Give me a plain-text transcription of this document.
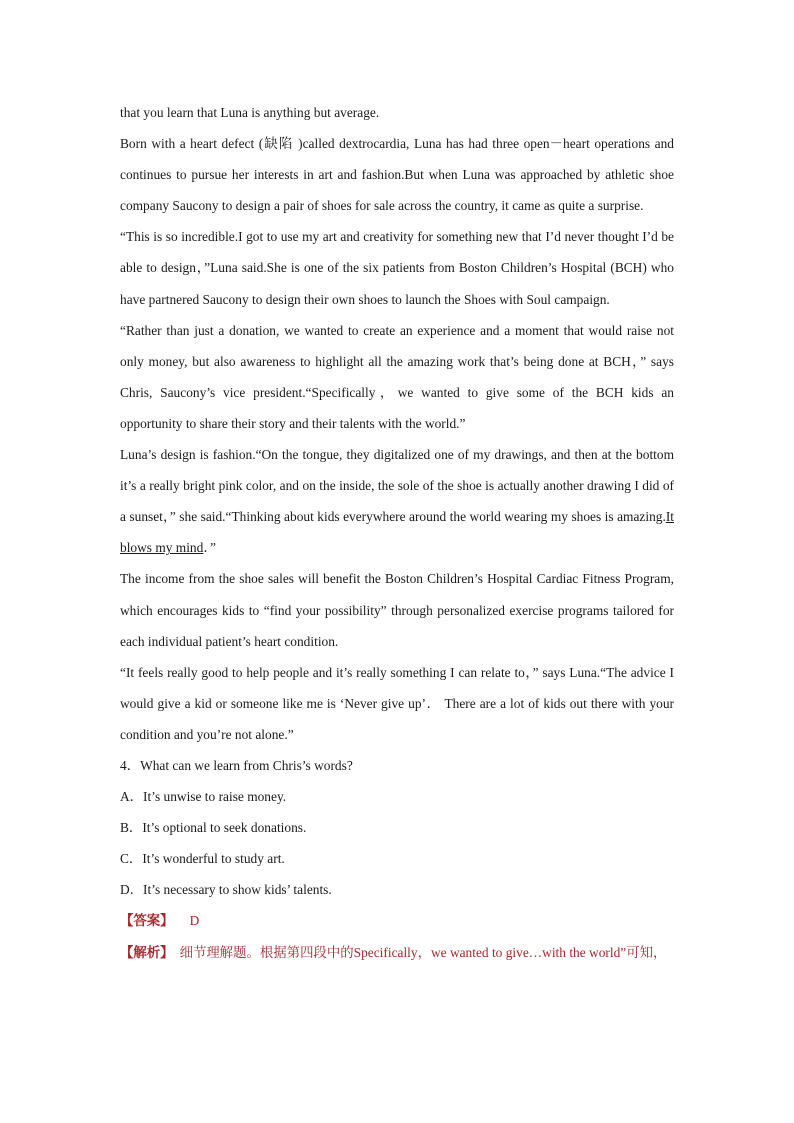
that you learn that Luna is anything but average.

Born with a heart defect (缺陷 )called dextrocardia, Luna has had three open－heart operations and continues to pursue her interests in art and fashion.But when Luna was approached by athletic shoe company Saucony to design a pair of shoes for sale across the country, it came as quite a surprise.

“This is so incredible.I got to use my art and creativity for something new that I’d never thought I’d be able to design，”Luna said.She is one of the six patients from Boston Children’s Hospital (BCH) who have partnered Saucony to design their own shoes to launch the Shoes with Soul campaign.

“Rather than just a donation, we wanted to create an experience and a moment that would raise not only money, but also awareness to highlight all the amazing work that’s being done at BCH，” says Chris, Saucony’s vice president.“Specifically，we wanted to give some of the BCH kids an opportunity to share their story and their talents with the world.”

Luna’s design is fashion.“On the tongue, they digitalized one of my drawings, and then at the bottom it’s a really bright pink color, and on the inside, the sole of the shoe is actually another drawing I did of a sunset，” she said.“Thinking about kids everywhere around the world wearing my shoes is amazing.It blows my mind．”

The income from the shoe sales will benefit the Boston Children’s Hospital Cardiac Fitness Program, which encourages kids to “find your possibility” through personalized exercise programs tailored for each individual patient’s heart condition.

“It feels really good to help people and it’s really something I can relate to，” says Luna.“The advice I would give a kid or someone like me is ‘Never give up’． There are a lot of kids out there with your condition and you’re not alone.”

4．What can we learn from Chris’s words?

A．It’s unwise to raise money.

B．It’s optional to seek donations.

C．It’s wonderful to study art.

D．It’s necessary to show kids’ talents.

【答案】 D

【解析】 细节理解题。根据第四段中的Specifically，we wanted to give…with the world”可知，
